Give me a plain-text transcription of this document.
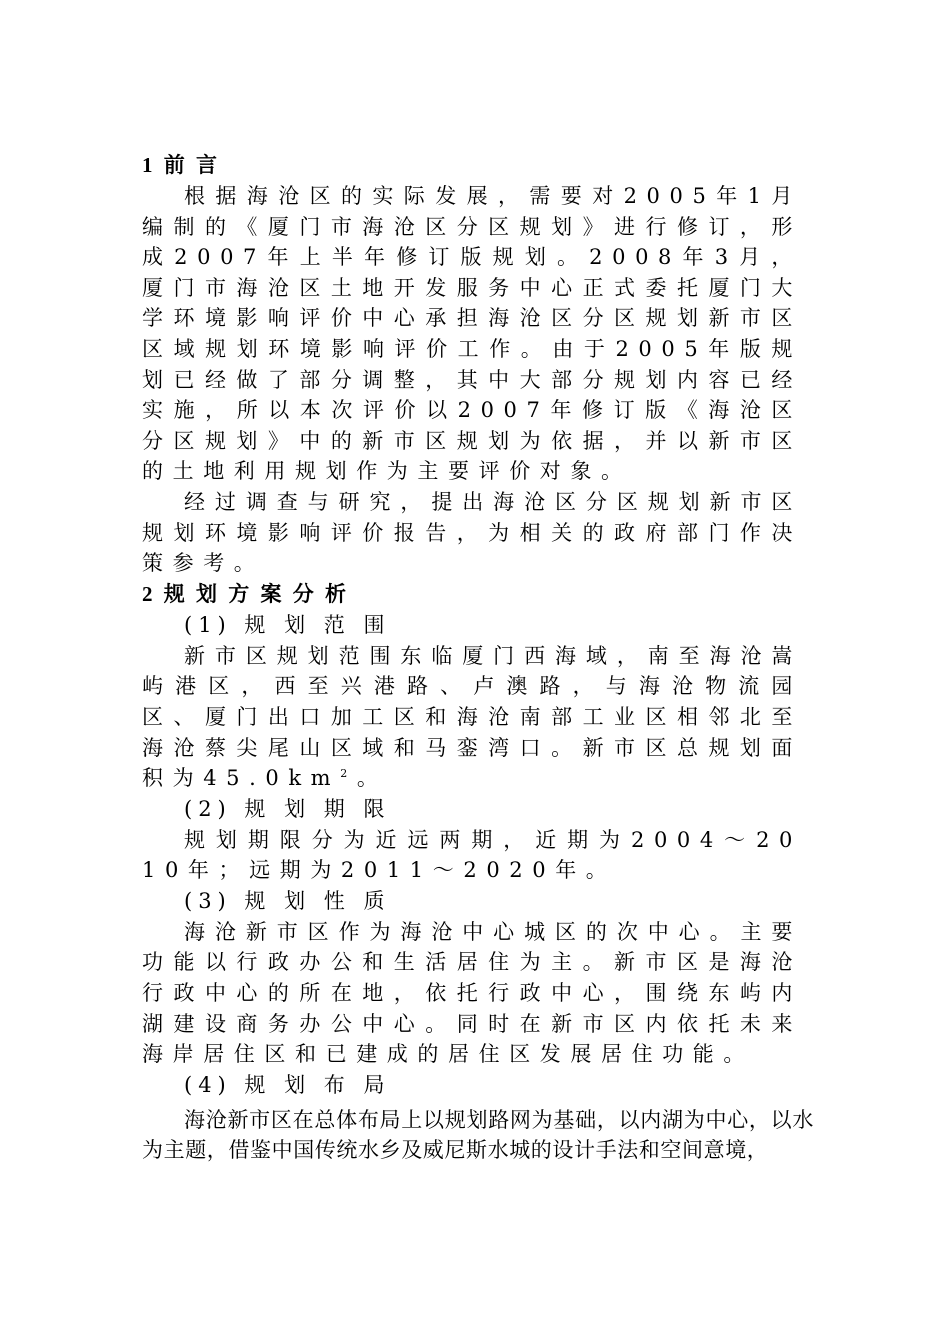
1 前 言

根据海沧区的实际发展，需要对2005年1月编制的《厦门市海沧区分区规划》进行修订，形成2007年上半年修订版规划。2008年3月，厦门市海沧区土地开发服务中心正式委托厦门大学环境影响评价中心承担海沧区分区规划新市区区域规划环境影响评价工作。由于2005年版规划已经做了部分调整，其中大部分规划内容已经实施，所以本次评价以2007年修订版《海沧区分区规划》中的新市区规划为依据，并以新市区的土地利用规划作为主要评价对象。

经过调查与研究，提出海沧区分区规划新市区规划环境影响评价报告，为相关的政府部门作决策参考。

2 规 划 方 案 分 析

(1) 规 划 范 围

新市区规划范围东临厦门西海域，南至海沧嵩屿港区，西至兴港路、卢澳路，与海沧物流园区、厦门出口加工区和海沧南部工业区相邻北至海沧蔡尖尾山区域和马銮湾口。新市区总规划面积为$45.0km^2$。

(2) 规 划 期 限

规划期限分为近远两期，近期为2004～2010年；远期为2011～2020年。

(3) 规 划 性 质

海沧新市区作为海沧中心城区的次中心。主要功能以行政办公和生活居住为主。新市区是海沧行政中心的所在地，依托行政中心，围绕东屿内湖建设商务办公中心。同时在新市区内依托未来海岸居住区和已建成的居住区发展居住功能。

(4) 规 划 布 局

海沧新市区在总体布局上以规划路网为基础，以内湖为中心，以水为主题，借鉴中国传统水乡及威尼斯水城的设计手法和空间意境，
